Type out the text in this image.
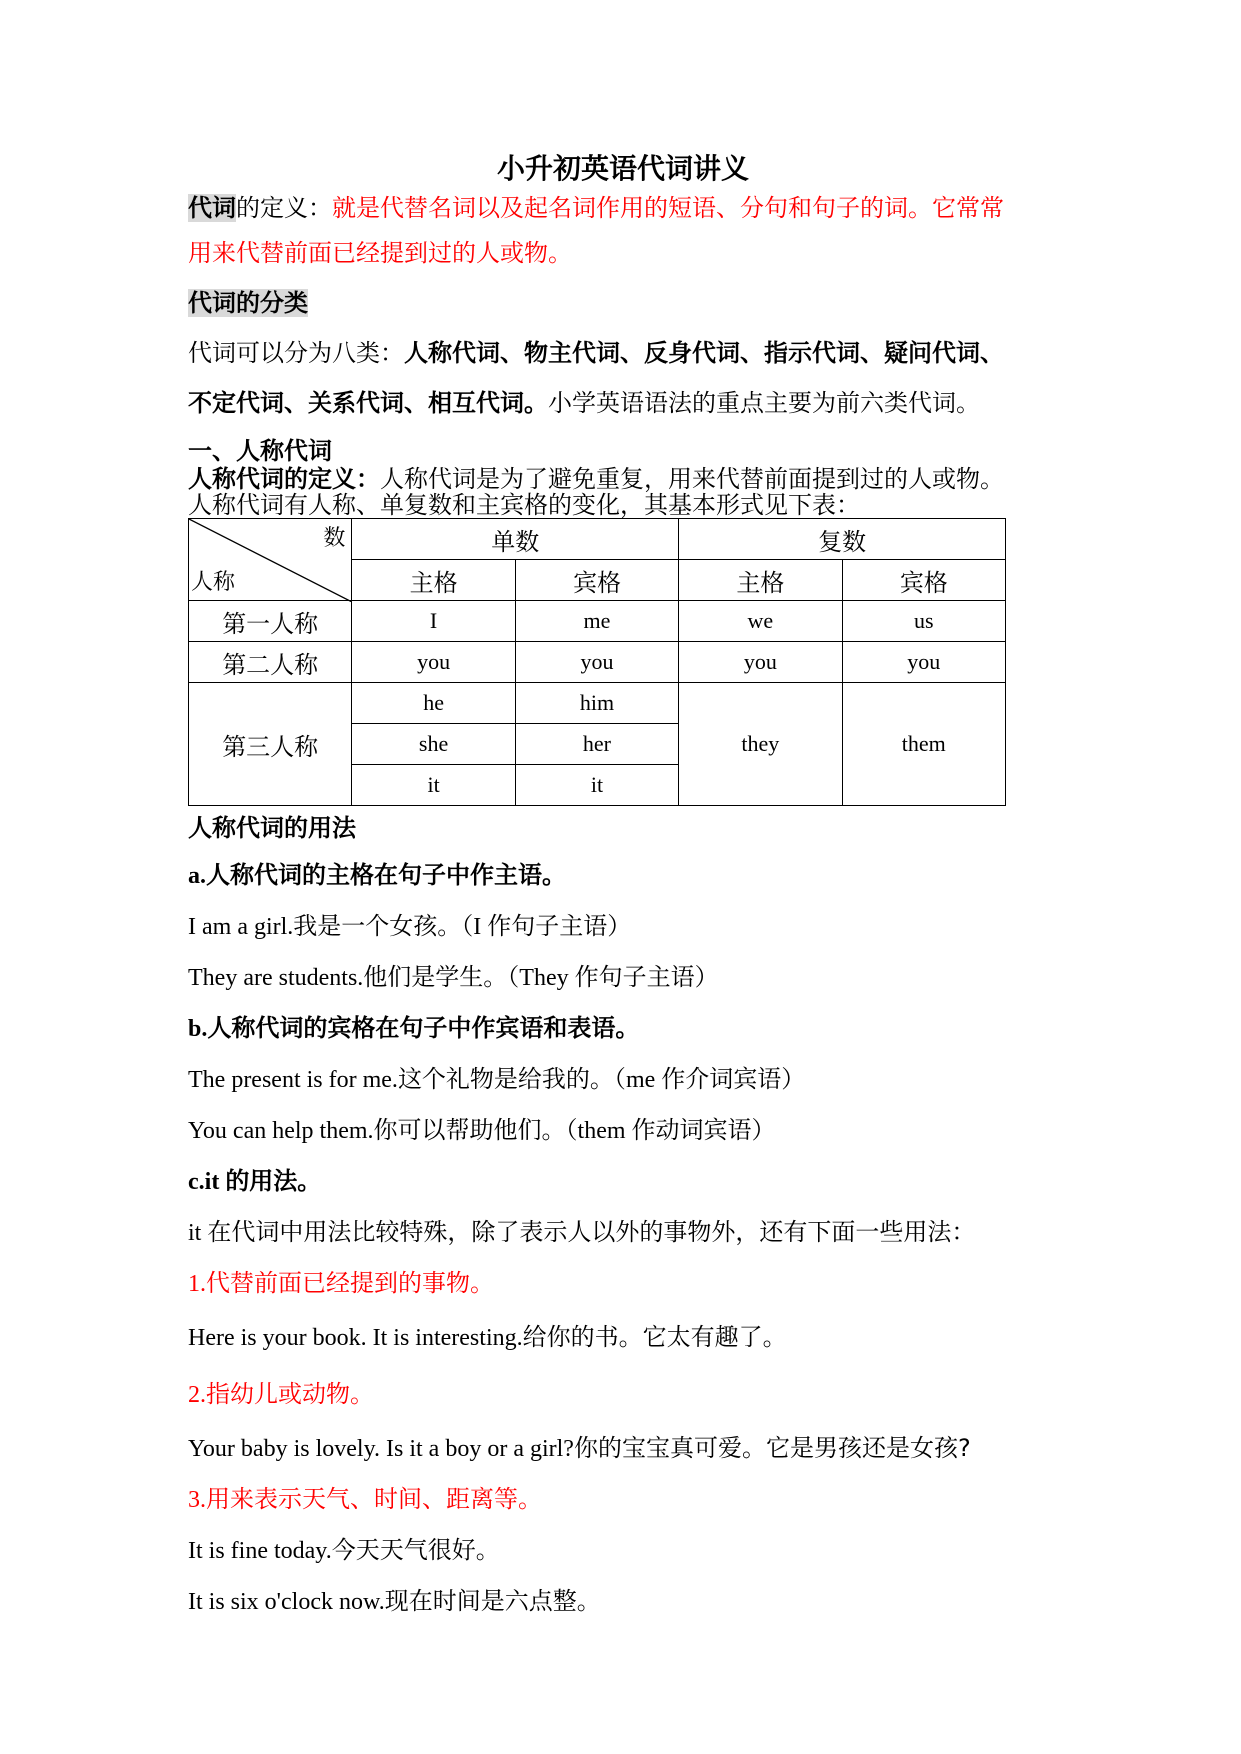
小升初英语代词讲义
代词的定义：就是代替名词以及起名词作用的短语、分句和句子的词。它常常
用来代替前面已经提到过的人或物。
代词的分类
代词可以分为八类：人称代词、物主代词、反身代词、指示代词、疑问代词、
不定代词、关系代词、相互代词。小学英语语法的重点主要为前六类代词。
一、人称代词
人称代词的定义：人称代词是为了避免重复，用来代替前面提到过的人或物。
人称代词有人称、单复数和主宾格的变化，其基本形式见下表：
数
人称	单数		复数	
	主格	宾格	主格	宾格
第一人称	I	me	we	us
第二人称	you	you	you	you
第三人称	he	him	they	them
	she	her		
	it	it		
人称代词的用法
a.人称代词的主格在句子中作主语。
I am a girl.我是一个女孩。（I 作句子主语）
They are students.他们是学生。（They 作句子主语）
b.人称代词的宾格在句子中作宾语和表语。
The present is for me.这个礼物是给我的。（me 作介词宾语）
You can help them.你可以帮助他们。（them 作动词宾语）
c.it 的用法。
it 在代词中用法比较特殊，除了表示人以外的事物外，还有下面一些用法：
1.代替前面已经提到的事物。
Here is your book. It is interesting.给你的书。它太有趣了。
2.指幼儿或动物。
Your baby is lovely. Is it a boy or a girl?你的宝宝真可爱。它是男孩还是女孩?
3.用来表示天气、时间、距离等。
It is fine today.今天天气很好。
It is six o'clock now.现在时间是六点整。
